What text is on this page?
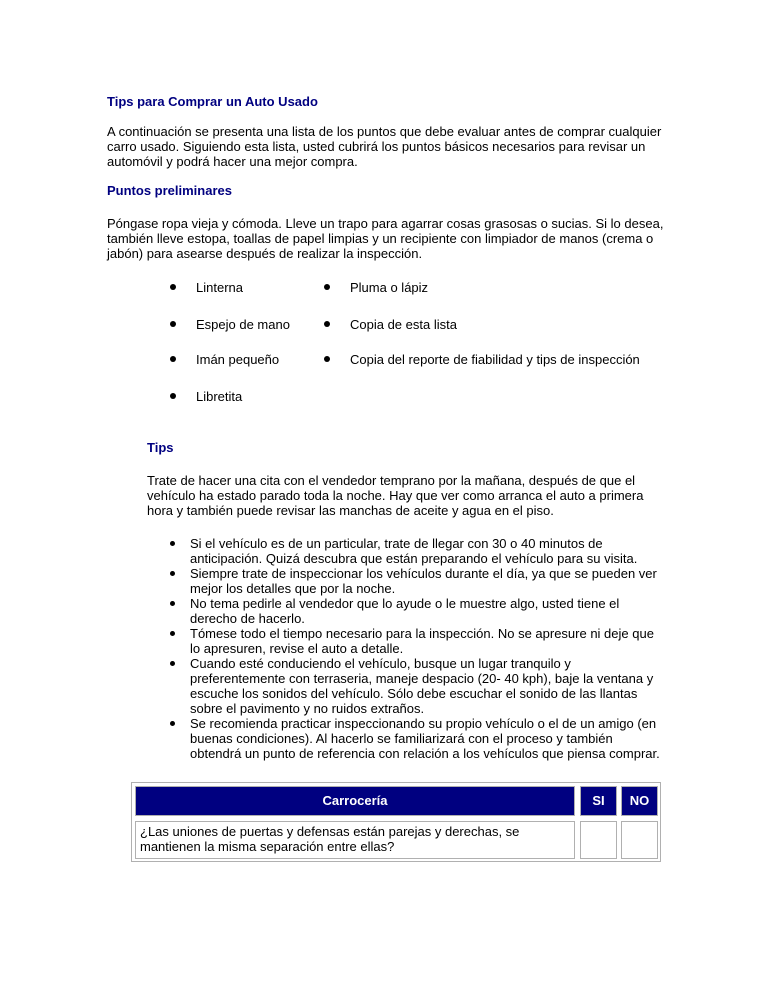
Tips para Comprar un Auto Usado

A continuación se presenta una lista de los puntos que debe evaluar antes de comprar cualquier carro usado. Siguiendo esta lista, usted cubrirá los puntos básicos necesarios para revisar un automóvil y podrá hacer una mejor compra.

Puntos preliminares

Póngase ropa vieja y cómoda. Lleve un trapo para agarrar cosas grasosas o sucias. Si lo desea, también lleve estopa, toallas de papel limpias y un recipiente con limpiador de manos (crema o jabón) para asearse después de realizar la inspección.

Linterna	Pluma o lápiz
Espejo de mano	Copia de esta lista
Imán pequeño	Copia del reporte de fiabilidad y tips de inspección
Libretita

Tips

Trate de hacer una cita con el vendedor temprano por la mañana, después de que el vehículo ha estado parado toda la noche. Hay que ver como arranca el auto a primera hora y también puede revisar las manchas de aceite y agua en el piso.

Si el vehículo es de un particular, trate de llegar con 30 o 40 minutos de anticipación. Quizá descubra que están preparando el vehículo para su visita.
Siempre trate de inspeccionar los vehículos durante el día, ya que se pueden ver mejor los detalles que por la noche.
No tema pedirle al vendedor que lo ayude o le muestre algo, usted tiene el derecho de hacerlo.
Tómese todo el tiempo necesario para la inspección. No se apresure ni deje que lo apresuren, revise el auto a detalle.
Cuando esté conduciendo el vehículo, busque un lugar tranquilo y preferentemente con terraseria, maneje despacio (20- 40 kph), baje la ventana y escuche los sonidos del vehículo. Sólo debe escuchar el sonido de las llantas sobre el pavimento y no ruidos extraños.
Se recomienda practicar inspeccionando su propio vehículo o el de un amigo (en buenas condiciones). Al hacerlo se familiarizará con el proceso y también obtendrá un punto de referencia con relación a los vehículos que piensa comprar.
Carrocería	SI	NO
¿Las uniones de puertas y defensas están parejas y derechas, se mantienen la misma separación entre ellas?
